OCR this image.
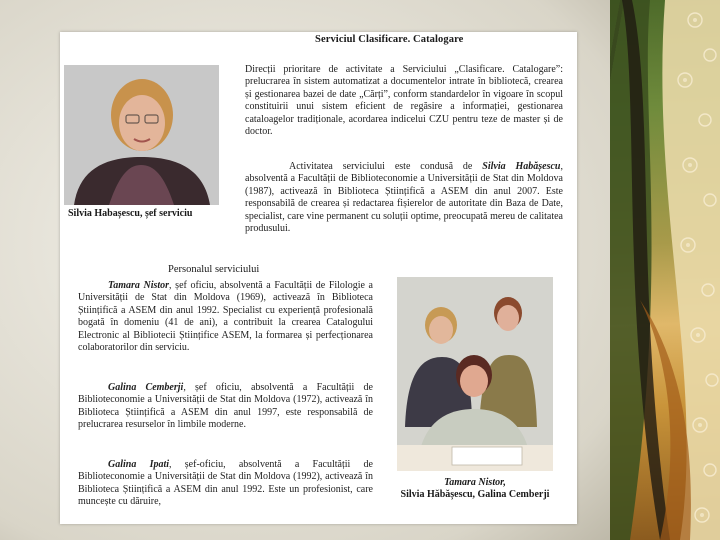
Serviciul Clasificare. Catalogare
Silvia Habașescu, șef serviciu
Direcții prioritare de activitate a Serviciului „Clasificare. Catalogare”: prelucrarea în sistem automatizat a documentelor intrate în bibliotecă, crearea și gestionarea bazei de date „Cărți”, conform standardelor în vigoare în scopul constituirii unui sistem eficient de regăsire a informației, gestionarea cataloagelor tradiționale, acordarea indicelui CZU pentru teze de master și de doctor.
Activitatea serviciului este condusă de Silvia Habășescu, absolventă a Facultății de Biblioteconomie a Universității de Stat din Moldova (1987), activează în Biblioteca Științifică a ASEM din anul 2007. Este responsabilă de crearea și redactarea fișierelor de autoritate din Baza de Date, specialist, care vine permanent cu soluții optime, preocupată mereu de calitatea produsului.
Personalul serviciului
Tamara Nistor, șef oficiu, absolventă a Facultății de Filologie a Universității de Stat din Moldova (1969), activează în Biblioteca Științifică a ASEM din anul 1992. Specialist cu experiență profesională bogată în domeniu (41 de ani), a contribuit la crearea Catalogului Electronic al Bibliotecii Științifice ASEM, la formarea și perfecționarea colaboratorilor din serviciu.
Galina Cemberji, șef oficiu, absolventă a Facultății de Biblioteconomie a Universității de Stat din Moldova (1972), activează în Biblioteca Științifică a ASEM din anul 1997, este responsabilă de prelucrarea resurselor în limbile moderne.
Galina Ipati, șef-oficiu, absolventă a Facultății de Biblioteconomie a Universității de Stat din Moldova (1992), activează în Biblioteca Științifică a ASEM din anul 1992. Este un profesionist, care muncește cu dăruire,
Tamara Nistor,
Silvia Hăbășescu, Galina Cemberji
